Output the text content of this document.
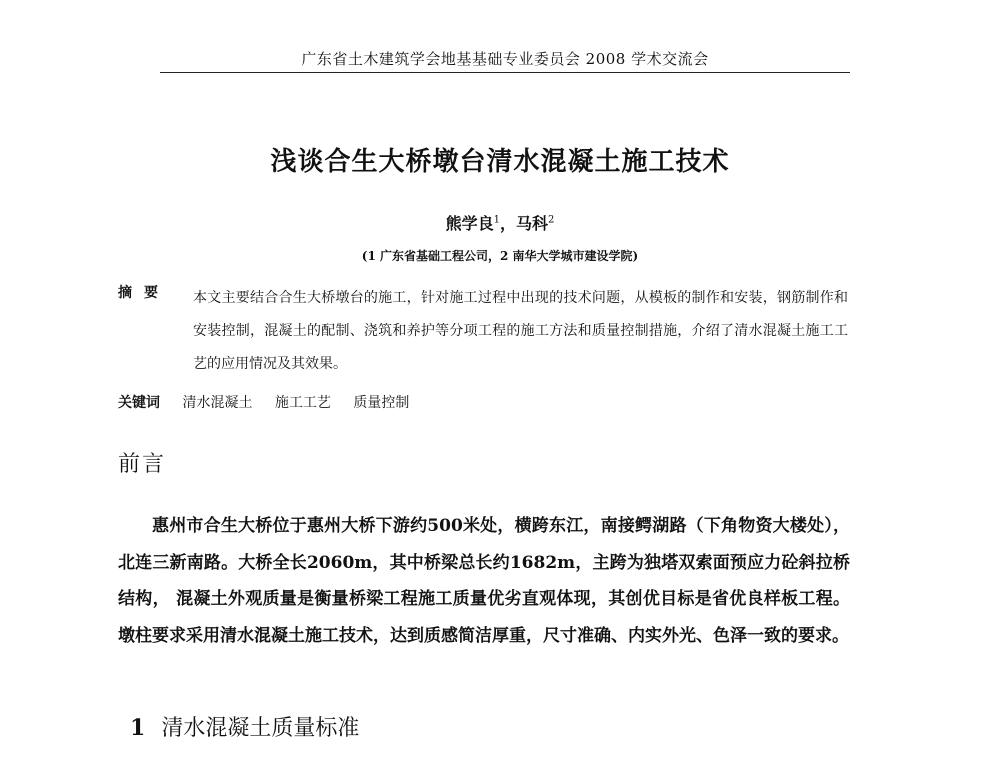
广东省土木建筑学会地基基础专业委员会 2008 学术交流会
浅谈合生大桥墩台清水混凝土施工技术
熊学良$^1$，马科$^2$
(1 广东省基础工程公司，2 南华大学城市建设学院)
摘要 本文主要结合合生大桥墩台的施工，针对施工过程中出现的技术问题，从模板的制作和安装，钢筋制作和安装控制，混凝土的配制、浇筑和养护等分项工程的施工方法和质量控制措施，介绍了清水混凝土施工工艺的应用情况及其效果。
关键词 清水混凝土 施工工艺 质量控制
前言
惠州市合生大桥位于惠州大桥下游约500米处，横跨东江，南接鳄湖路（下角物资大楼处），北连三新南路。大桥全长2060m，其中桥梁总长约1682m，主跨为独塔双索面预应力砼斜拉桥结构， 混凝土外观质量是衡量桥梁工程施工质量优劣直观体现，其创优目标是省优良样板工程。墩柱要求采用清水混凝土施工技术，达到质感简洁厚重，尺寸准确、内实外光、色泽一致的要求。
1 清水混凝土质量标准
